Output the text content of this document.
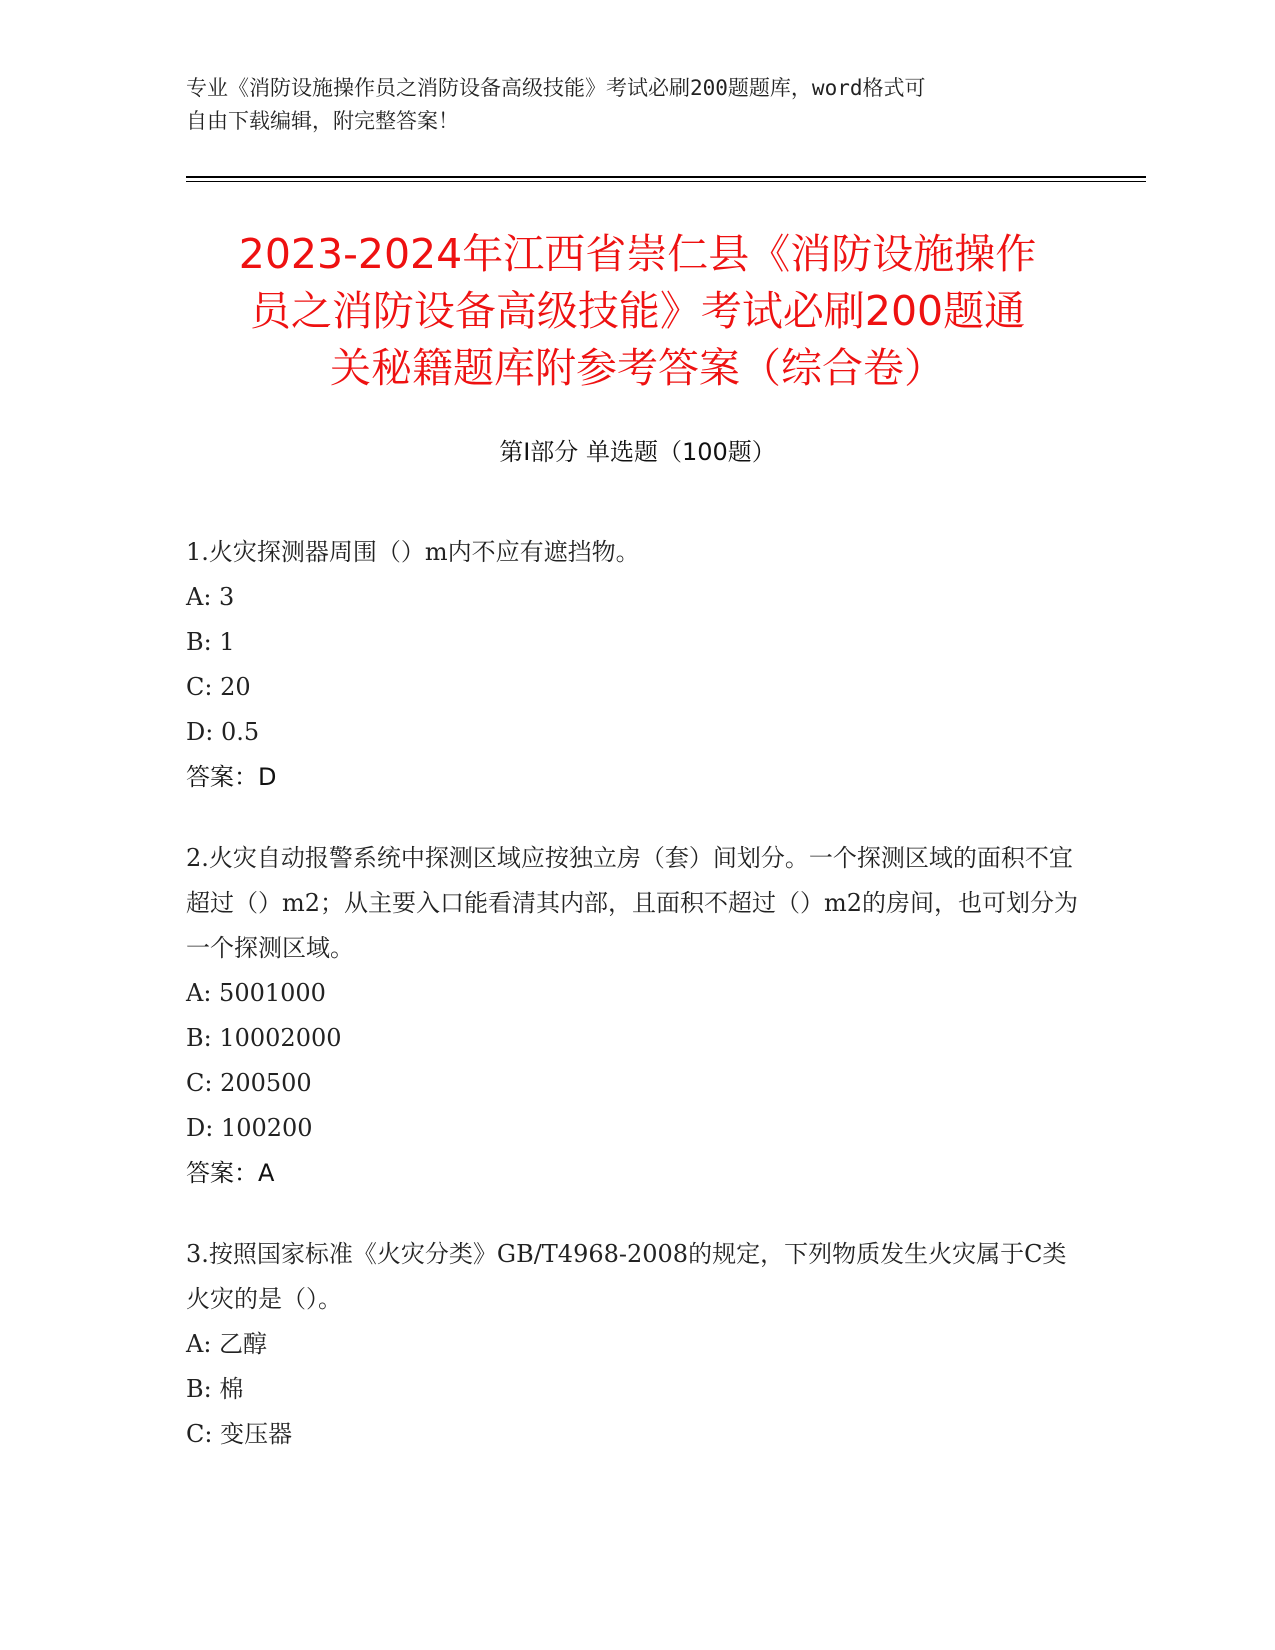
专业《消防设施操作员之消防设备高级技能》考试必刷200题题库，word格式可
自由下载编辑，附完整答案！
2023-2024年江西省崇仁县《消防设施操作
员之消防设备高级技能》考试必刷200题通
关秘籍题库附参考答案（综合卷）
第Ⅰ部分 单选题（100题）

1.火灾探测器周围（）m内不应有遮挡物。

A: 3

B: 1

C: 20

D: 0.5

答案：D

2.火灾自动报警系统中探测区域应按独立房（套）间划分。一个探测区域的面积不宜超过（）m2；从主要入口能看清其内部，且面积不超过（）m2的房间，也可划分为一个探测区域。

A: 5001000

B: 10002000

C: 200500

D: 100200

答案：A

3.按照国家标准《火灾分类》GB/T4968-2008的规定，下列物质发生火灾属于C类火灾的是（）。

A: 乙醇

B: 棉

C: 变压器
